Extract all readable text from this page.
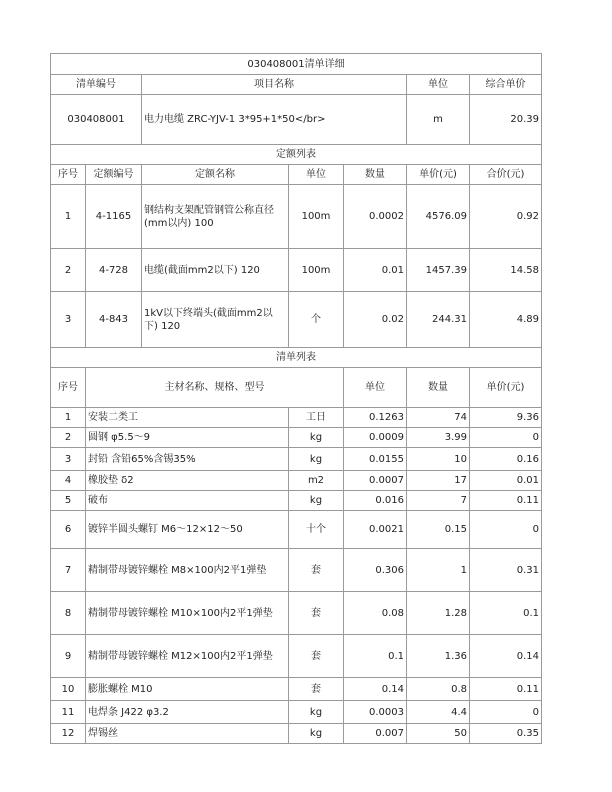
030408001清单详细							
清单编号		项目名称			单位	综合单价	
030408001		电力电缆 ZRC-YJV-1 3*95+1*50</br>			m	20.39	
定额列表							
序号	定额编号	定额名称	单位	数量	单价(元)	合价(元)	
1	4-1165	钢结构支架配管钢管公称直径(mm以内) 100	100m	0.0002	4576.09	0.92	
2	4-728	电缆(截面mm2以下) 120	100m	0.01	1457.39	14.58	
3	4-843	1kV以下终端头(截面mm2以下) 120	个	0.02	244.31	4.89	
清单列表							
序号	主材名称、规格、型号			单位	数量	单价(元)	
1	安装二类工		工日	0.1263	74	9.36	
2	圆钢 φ5.5～9		kg	0.0009	3.99	0	
3	封铅 含铅65%含锡35%		kg	0.0155	10	0.16	
4	橡胶垫 δ2		m2	0.0007	17	0.01	
5	破布		kg	0.016	7	0.11	
6	镀锌半圆头螺钉 M6～12×12～50		十个	0.0021	0.15	0	
7	精制带母镀锌螺栓 M8×100内2平1弹垫		套	0.306	1	0.31	
8	精制带母镀锌螺栓 M10×100内2平1弹垫		套	0.08	1.28	0.1	
9	精制带母镀锌螺栓 M12×100内2平1弹垫		套	0.1	1.36	0.14	
10	膨胀螺栓 M10		套	0.14	0.8	0.11	
11	电焊条 J422 φ3.2		kg	0.0003	4.4	0	
12	焊锡丝		kg	0.007	50	0.35	
